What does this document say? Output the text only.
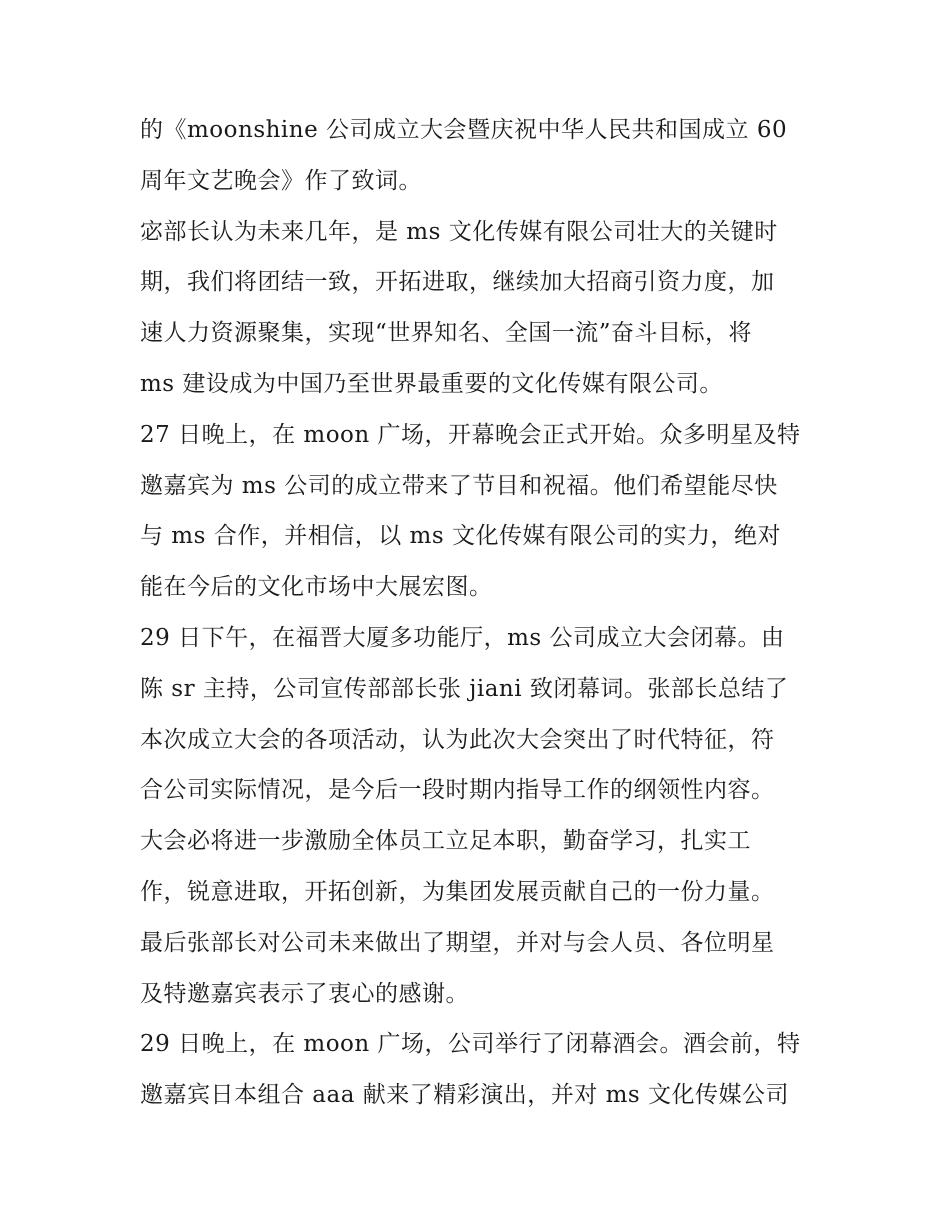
的《moonshine 公司成立大会暨庆祝中华人民共和国成立 60
周年文艺晚会》作了致词。
宓部长认为未来几年，是 ms 文化传媒有限公司壮大的关键时
期，我们将团结一致，开拓进取，继续加大招商引资力度，加
速人力资源聚集，实现“世界知名、全国一流”奋斗目标，将
ms 建设成为中国乃至世界最重要的文化传媒有限公司。
27 日晚上，在 moon 广场，开幕晚会正式开始。众多明星及特
邀嘉宾为 ms 公司的成立带来了节目和祝福。他们希望能尽快
与 ms 合作，并相信，以 ms 文化传媒有限公司的实力，绝对
能在今后的文化市场中大展宏图。
29 日下午，在福晋大厦多功能厅，ms 公司成立大会闭幕。由
陈 sr 主持，公司宣传部部长张 jiani 致闭幕词。张部长总结了
本次成立大会的各项活动，认为此次大会突出了时代特征，符
合公司实际情况，是今后一段时期内指导工作的纲领性内容。
大会必将进一步激励全体员工立足本职，勤奋学习，扎实工
作，锐意进取，开拓创新，为集团发展贡献自己的一份力量。
最后张部长对公司未来做出了期望，并对与会人员、各位明星
及特邀嘉宾表示了衷心的感谢。
29 日晚上，在 moon 广场，公司举行了闭幕酒会。酒会前，特
邀嘉宾日本组合 aaa 献来了精彩演出，并对 ms 文化传媒公司
